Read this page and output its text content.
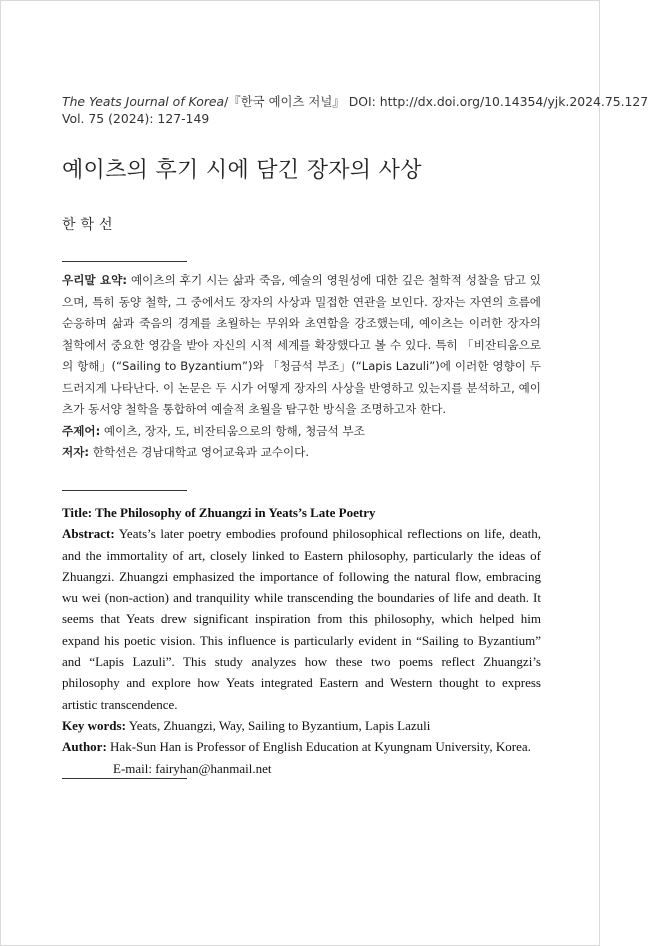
The Yeats Journal of Korea/『한국 예이츠 저널』 DOI: http://dx.doi.org/10.14354/yjk.2024.75.127
Vol. 75 (2024): 127-149
예이츠의 후기 시에 담긴 장자의 사상
한학선

우리말 요약: 예이츠의 후기 시는 삶과 죽음, 예술의 영원성에 대한 깊은 철학적 성찰을 담고 있으며, 특히 동양 철학, 그 중에서도 장자의 사상과 밀접한 연관을 보인다. 장자는 자연의 흐름에 순응하며 삶과 죽음의 경계를 초월하는 무위와 초연함을 강조했는데, 예이츠는 이러한 장자의 철학에서 중요한 영감을 받아 자신의 시적 세계를 확장했다고 볼 수 있다. 특히 「비잔티움으로의 항해」(“Sailing to Byzantium”)와 「청금석 부조」(“Lapis Lazuli”)에 이러한 영향이 두드러지게 나타난다. 이 논문은 두 시가 어떻게 장자의 사상을 반영하고 있는지를 분석하고, 예이츠가 동서양 철학을 통합하여 예술적 초월을 탐구한 방식을 조명하고자 한다.

주제어: 예이츠, 장자, 도, 비잔티움으로의 항해, 청금석 부조

저자: 한학선은 경남대학교 영어교육과 교수이다.

Title: The Philosophy of Zhuangzi in Yeats’s Late Poetry

Abstract: Yeats’s later poetry embodies profound philosophical reflections on life, death, and the immortality of art, closely linked to Eastern philosophy, particularly the ideas of Zhuangzi. Zhuangzi emphasized the importance of following the natural flow, embracing wu wei (non-action) and tranquility while transcending the boundaries of life and death. It seems that Yeats drew significant inspiration from this philosophy, which helped him expand his poetic vision. This influence is particularly evident in “Sailing to Byzantium” and “Lapis Lazuli”. This study analyzes how these two poems reflect Zhuangzi’s philosophy and explore how Yeats integrated Eastern and Western thought to express artistic transcendence.

Key words: Yeats, Zhuangzi, Way, Sailing to Byzantium, Lapis Lazuli

Author: Hak-Sun Han is Professor of English Education at Kyungnam University, Korea.
E-mail: fairyhan@hanmail.net
